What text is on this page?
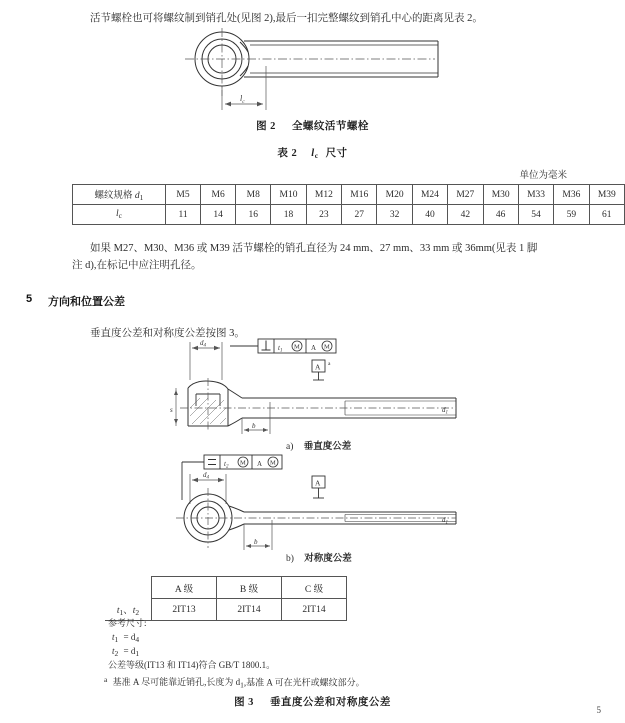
活节螺栓也可将螺纹制到销孔处(见图 2),最后一扣完整螺纹到销孔中心的距离见表 2。
$l_c$
图 2 全螺纹活节螺栓
表 2 $l_c$ 尺寸
单位为毫米
螺纹规格 $d_1$	M5	M6	M8	M10	M12	M16	M20	M24	M27	M30	M33	M36	M39
$l_c$	11	14	16	18	23	27	32	40	42	46	54	59	61
如果 M27、M30、M36 或 M39 活节螺栓的销孔直径为 24 mm、27 mm、33 mm 或 36mm(见表 1 脚
注 d),在标记中应注明孔径。
5 方向和位置公差
垂直度公差和对称度公差按图 3。
$t_1$
M A M
$d_4$
A a
b
s	$d_1$
a) 垂直度公差
$t_2$
M A M
$d_4$
A
b
$d_1$
b) 对称度公差
	A 级	B 级	C 级
$t_1$、$t_2$	2IT13	2IT14	2IT14
参考尺寸:
$t_1 = d_4$
$t_2 = d_1$
公差等级(IT13 和 IT14)符合 GB/T 1800.1。
$^a$ 基准 A 尽可能靠近销孔,长度为 $d_1$,基准 A 可在光杆或螺纹部分。
图 3 垂直度公差和对称度公差
5
